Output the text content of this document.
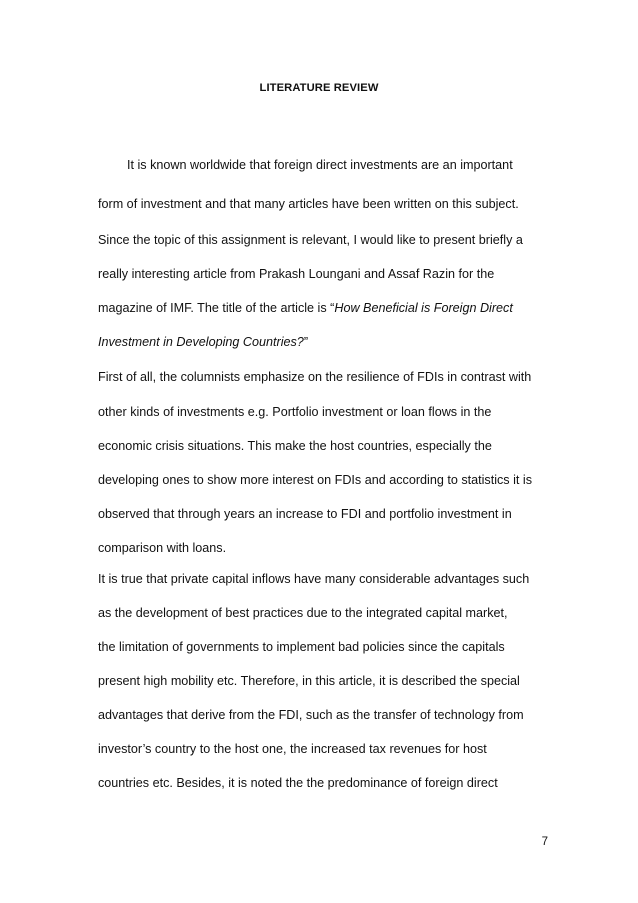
LITERATURE REVIEW
It is known worldwide that foreign direct investments are an important
form of investment and that many articles have been written on this subject.
Since the topic of this assignment is relevant, I would like to present briefly a
really interesting article from Prakash Loungani and Assaf Razin for the
magazine of IMF. The title of the article is “How Beneficial is Foreign Direct
Investment in Developing Countries?”
First of all, the columnists emphasize on the resilience of FDIs in contrast with
other kinds of investments e.g. Portfolio investment or loan flows in the
economic crisis situations. This make the host countries, especially the
developing ones to show more interest on FDIs and according to statistics it is
observed that through years an increase to FDI and portfolio investment in
comparison with loans.
It is true that private capital inflows have many considerable advantages such
as the development of best practices due to the integrated capital market,
the limitation of governments to implement bad policies since the capitals
present high mobility etc. Therefore, in this article, it is described the special
advantages that derive from the FDI, such as the transfer of technology from
investor’s country to the host one, the increased tax revenues for host
countries etc. Besides, it is noted the the predominance of foreign direct
7
